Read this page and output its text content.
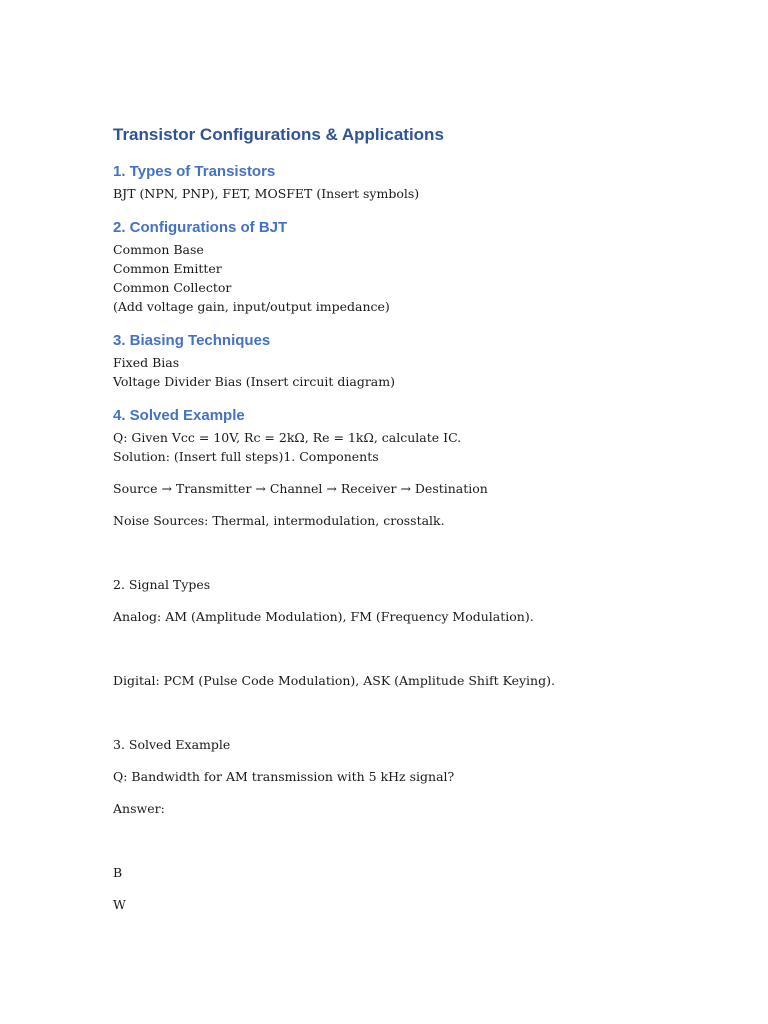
Transistor Configurations & Applications
1. Types of Transistors
BJT (NPN, PNP), FET, MOSFET (Insert symbols)
2. Configurations of BJT
Common Base
Common Emitter
Common Collector
(Add voltage gain, input/output impedance)
3. Biasing Techniques
Fixed Bias
Voltage Divider Bias (Insert circuit diagram)
4. Solved Example
Q: Given Vcc = 10V, Rc = 2kΩ, Re = 1kΩ, calculate IC.
Solution: (Insert full steps)1. Components
Source → Transmitter → Channel → Receiver → Destination
Noise Sources: Thermal, intermodulation, crosstalk.
2. Signal Types
Analog: AM (Amplitude Modulation), FM (Frequency Modulation).
Digital: PCM (Pulse Code Modulation), ASK (Amplitude Shift Keying).
3. Solved Example
Q: Bandwidth for AM transmission with 5 kHz signal?
Answer:
B
W
